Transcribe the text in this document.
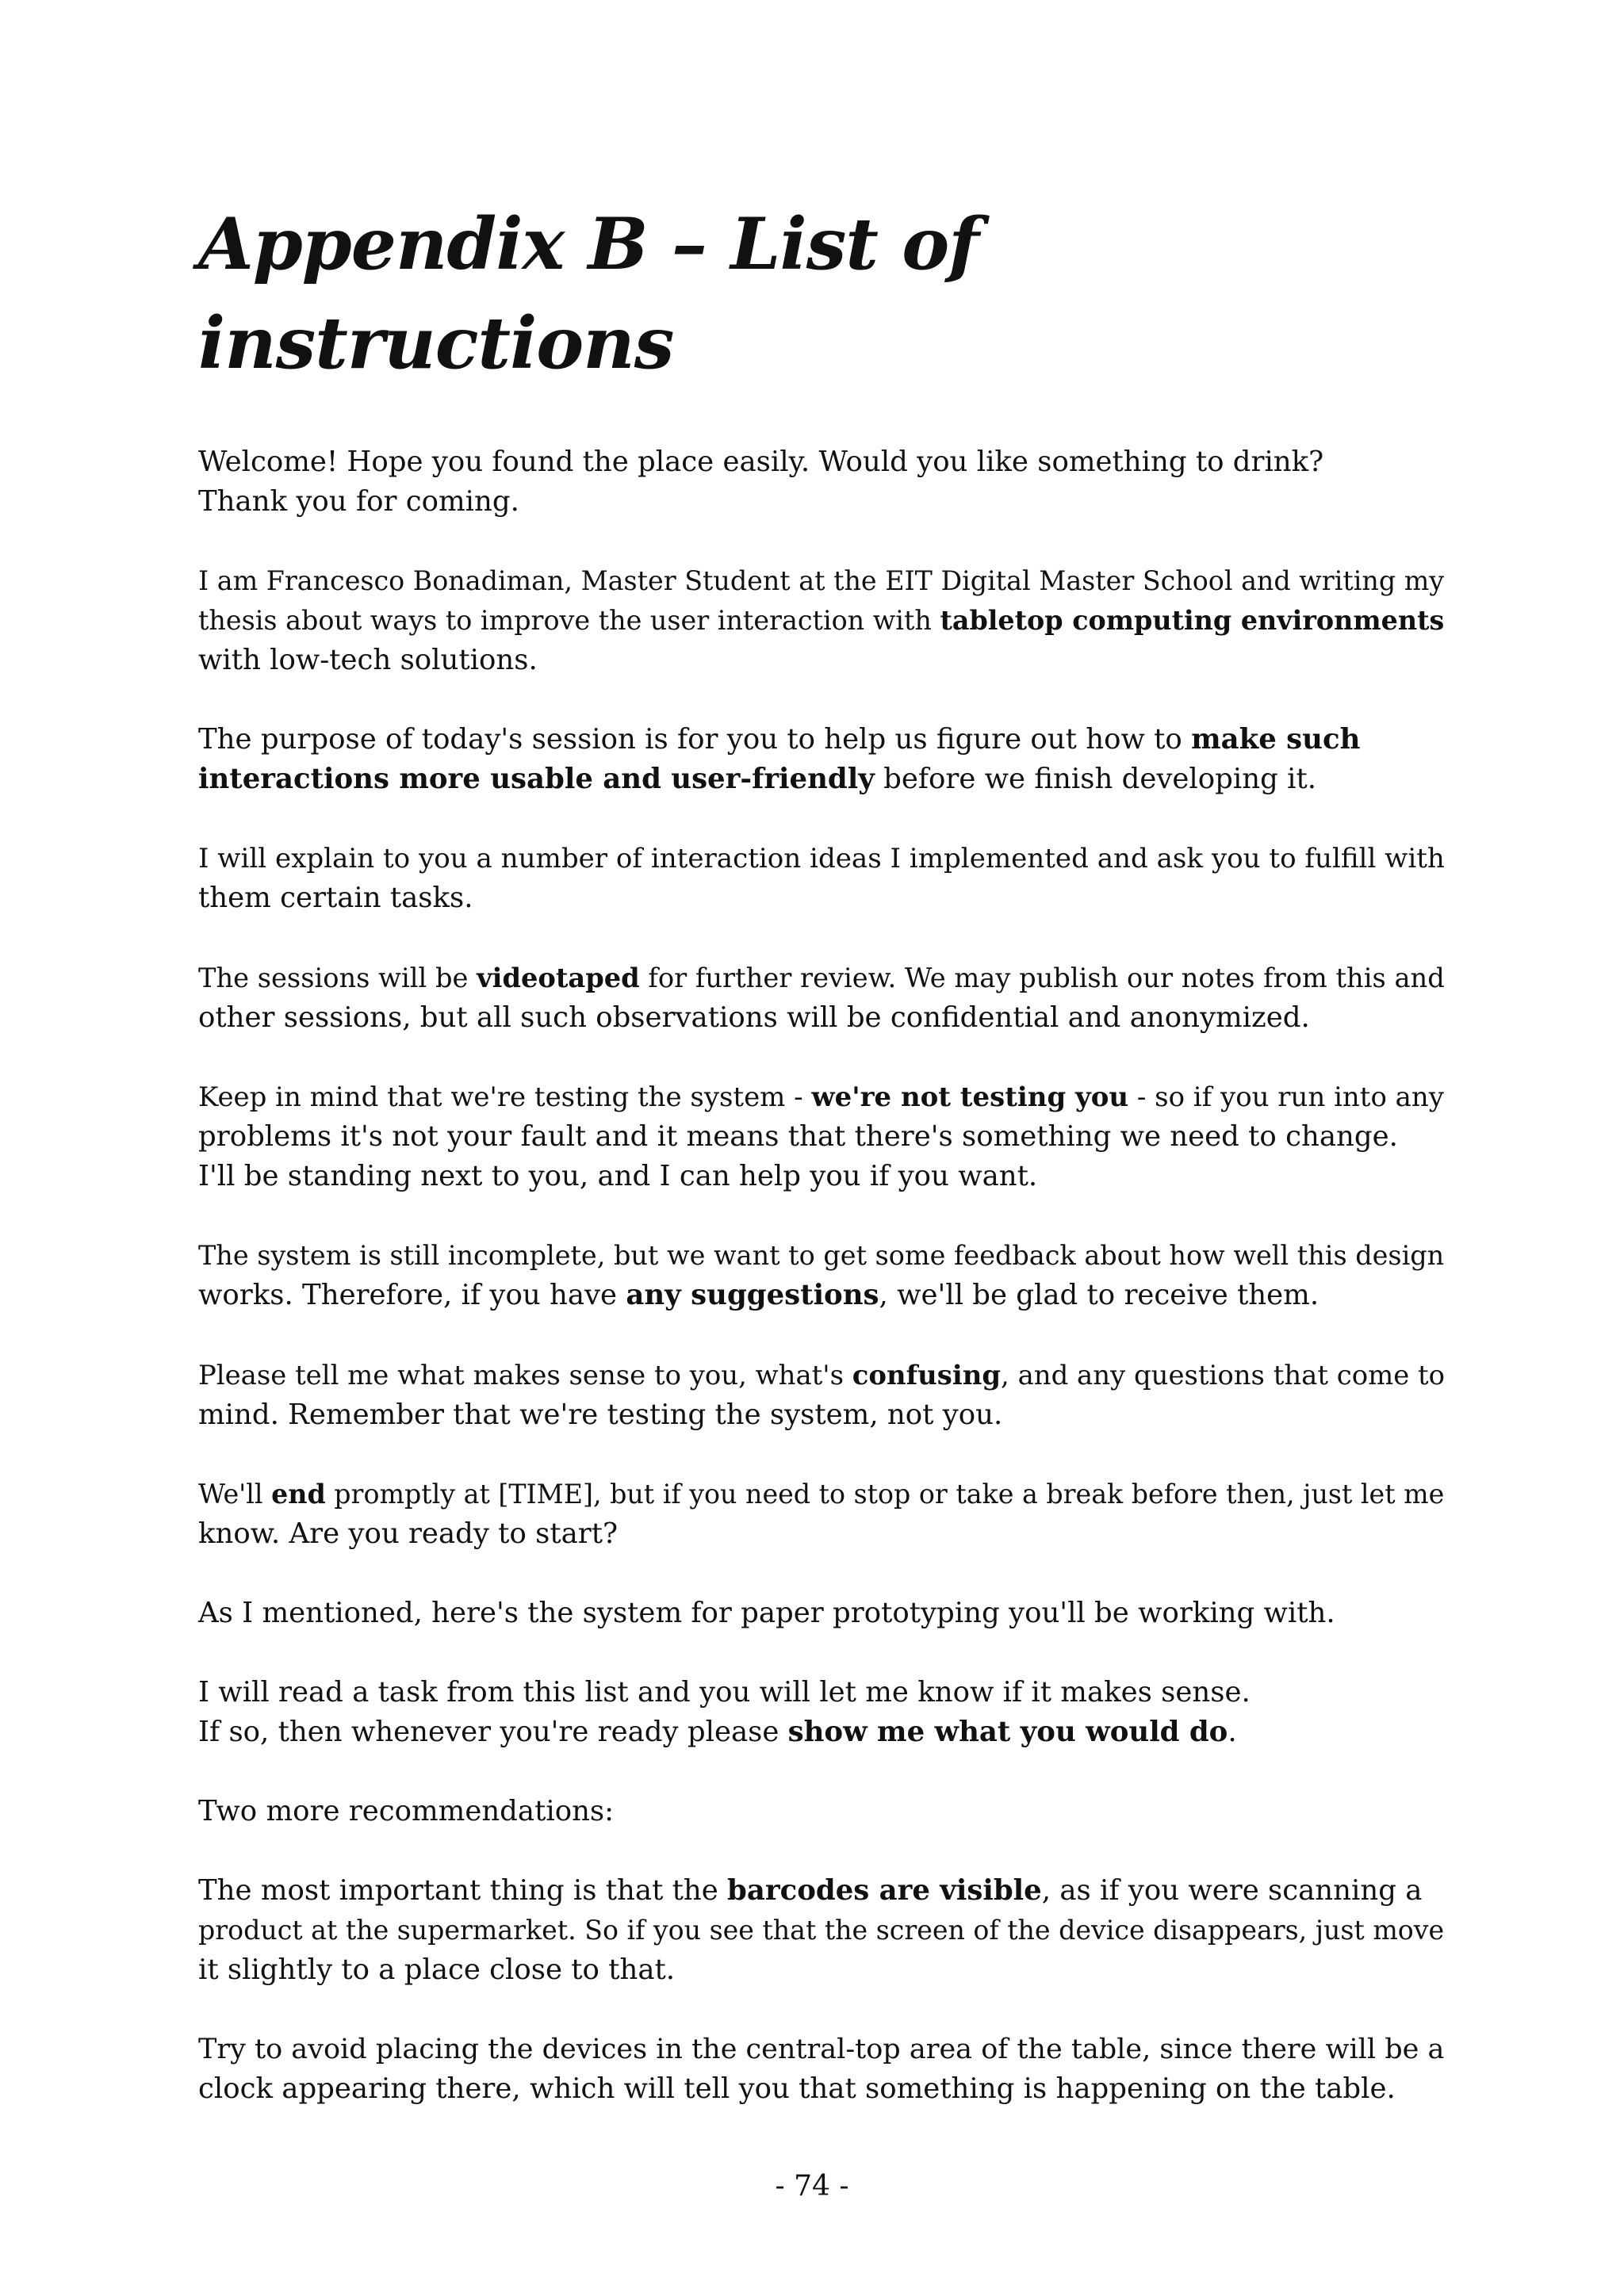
Appendix B – List of instructions

Welcome! Hope you found the place easily. Would you like something to drink?
Thank you for coming.

I am Francesco Bonadiman, Master Student at the EIT Digital Master School and writing my
thesis about ways to improve the user interaction with tabletop computing environments
with low-tech solutions.

The purpose of today's session is for you to help us figure out how to make such
interactions more usable and user-friendly before we finish developing it.

I will explain to you a number of interaction ideas I implemented and ask you to fulfill with
them certain tasks.

The sessions will be videotaped for further review. We may publish our notes from this and
other sessions, but all such observations will be confidential and anonymized.

Keep in mind that we're testing the system - we're not testing you - so if you run into any
problems it's not your fault and it means that there's something we need to change.
I'll be standing next to you, and I can help you if you want.

The system is still incomplete, but we want to get some feedback about how well this design
works. Therefore, if you have any suggestions, we'll be glad to receive them.

Please tell me what makes sense to you, what's confusing, and any questions that come to
mind. Remember that we're testing the system, not you.

We'll end promptly at [TIME], but if you need to stop or take a break before then, just let me
know. Are you ready to start?

As I mentioned, here's the system for paper prototyping you'll be working with.

I will read a task from this list and you will let me know if it makes sense.
If so, then whenever you're ready please show me what you would do.

Two more recommendations:

The most important thing is that the barcodes are visible, as if you were scanning a
product at the supermarket. So if you see that the screen of the device disappears, just move
it slightly to a place close to that.

Try to avoid placing the devices in the central-top area of the table, since there will be a
clock appearing there, which will tell you that something is happening on the table.

- 74 -
